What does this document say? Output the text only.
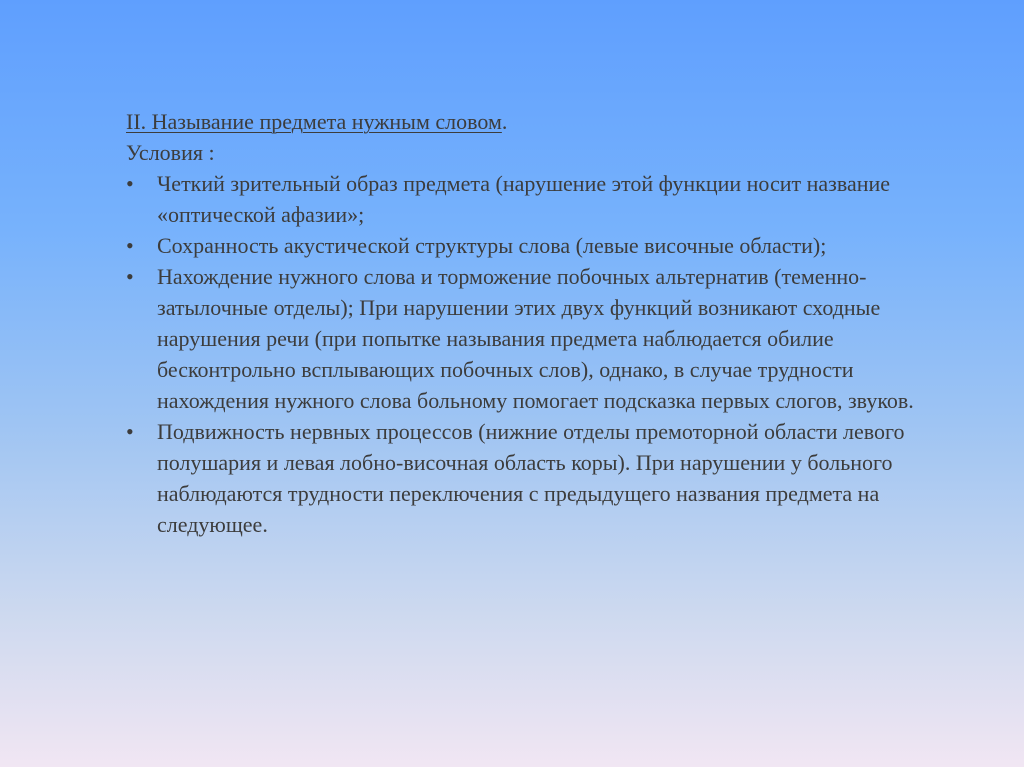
II. Называние предмета нужным словом.

Условия :

•	Четкий зрительный образ предмета (нарушение этой функции носит название «оптической афазии»;
•	Сохранность акустической структуры слова (левые височные области);
•	Нахождение нужного слова и торможение побочных альтернатив (теменно-затылочные отделы); При нарушении этих двух функций возникают сходные нарушения речи (при попытке называния предмета наблюдается обилие бесконтрольно всплывающих побочных слов), однако, в случае трудности нахождения нужного слова больному помогает подсказка первых слогов, звуков.
•	Подвижность нервных процессов (нижние отделы премоторной области левого полушария и левая лобно-височная область коры). При нарушении у больного наблюдаются трудности переключения с предыдущего названия предмета на следующее.
